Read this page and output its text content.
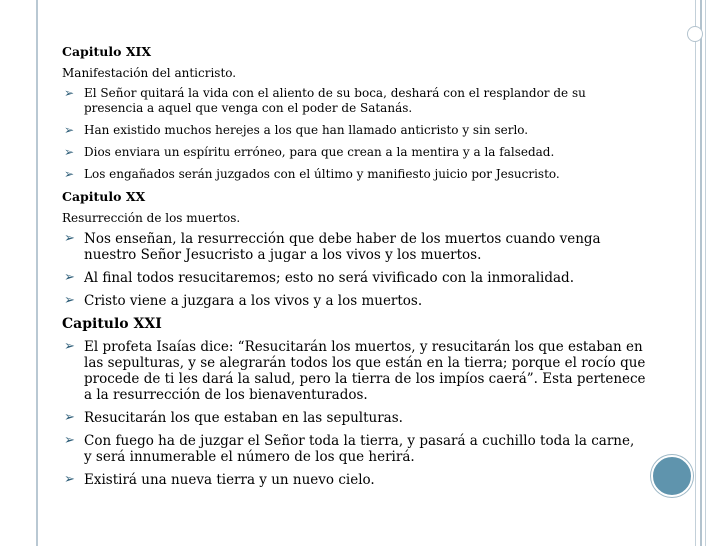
Capitulo XIX
Manifestación del anticristo.
➢ El Señor quitará la vida con el aliento de su boca, deshará con el resplandor de su presencia a aquel que venga con el poder de Satanás.
➢ Han existido muchos herejes a los que han llamado anticristo y sin serlo.
➢ Dios enviara un espíritu erróneo, para que crean a la mentira y a la falsedad.
➢ Los engañados serán juzgados con el último y manifiesto juicio por Jesucristo.
Capitulo XX
Resurrección de los muertos.
➢ Nos enseñan, la resurrección que debe haber de los muertos cuando venga nuestro Señor Jesucristo a jugar a los vivos y los muertos.
➢ Al final todos resucitaremos; esto no será vivificado con la inmoralidad.
➢ Cristo viene a juzgara a los vivos y a los muertos.
Capitulo XXI
➢ El profeta Isaías dice: “Resucitarán los muertos, y resucitarán los que estaban en las sepulturas, y se alegrarán todos los que están en la tierra; porque el rocío que procede de ti les dará la salud, pero la tierra de los impíos caerá”. Esta pertenece a la resurrección de los bienaventurados.
➢ Resucitarán los que estaban en las sepulturas.
➢ Con fuego ha de juzgar el Señor toda la tierra, y pasará a cuchillo toda la carne, y será innumerable el número de los que herirá.
➢ Existirá una nueva tierra y un nuevo cielo.
